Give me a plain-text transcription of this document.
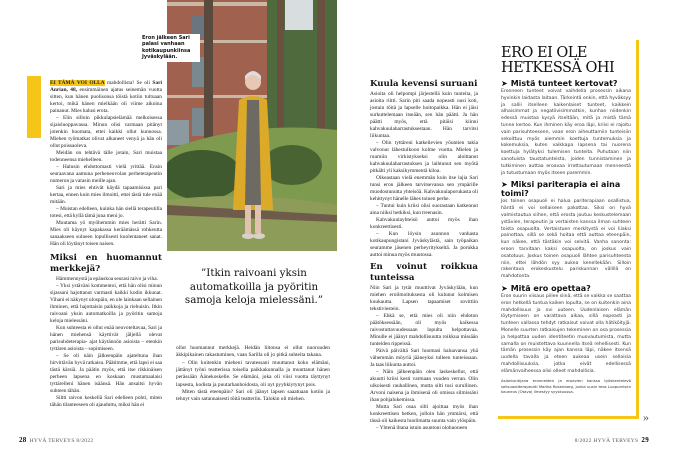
EI TÄMÄ VOI OLLA mahdollista! Se oli Sari Anrian, 48, ensimmäinen ajatus seinemän vuotta sitten, kun hänen puolisonsa töistä kotiin tultuaan kertoi, mikä hänen mielkään oli viime aikoina painanut. Mies halusi erota.

– Elin silloin pikkulapsielämää melkoisessa sijaisluoppavassa. Minun olisi varmaan pitänyt jotenkin huomata, ettei kaikki ollut kunnossa. Miehen työmatkat olivat alkaneet venyä ja hän oli ollut poissaoleva.

Meidän on tehtävä tälle jotain, Sari muistaa todenneensa miehelleen.

– Halusin ehdottomasti vielä yrittää. Ensin seuraavana aamuna perheneuvolan perheterapeutin numeron ja varasin meille ajan.

Sari ja mies ehtivät käydä tapaamisissa pari kertaa, ennen kuin mies ilmoitti, ettei tästä tule enää mitään.

– Muistan edelleen, kuinka hän siellä terapeutilla totesi, että kyllä tämä juna meni jo.

Muutama yö myöhemmin mies herätti Sarin. Mies oli käynyt kapakassa keräämässä rohkeutta sanaakseen sulneen lopullisesti kuolentaneet sanat. Hän oli löytänyt toisen naisen.

Miksi en huomannut merkkejä?

Hämmennystä ja epäuskoa seurasi raivo ja viha.

– Yksi ystäväni kommentoi, että hän olisi minun sijassani hajottanut varmasti kaikki kodin ikkunat. Vihani ei näkynyt ulospäin, en ole lainkaan sellainen ihminen, että hajottaisin paikkoja ja riehuisin. Itkin raivoani yksin automatkoilla ja pyöritin samoja kelojа mielessäni.

Kun suhteesta ei ollut enää neuvoteltavaa, Sari ja hänen miehensä käyttivät jäljellä olevat parisuhdeterapia- ajat käytännön asioista – etenkin tyttären asioista – sopimiseen.

– Se oli näin jälkeenpäin ajateltuna ihan hirvittävän hyvä ratkaisu. Päätimme, että lapsi ei saa tästä kärsiä. Ja päätin myös, että itse rikkinäisen perheen lapsena en koskaan mustamaalaisi tyttärelleni hänen isäänsä. Hän ansaitsi hyvän suhteen tähän.

Siltti raivon keskellä Sari edelleen pohti, miten tähän tilanteeseen oli ajauduttu, miksi hän ei

Eron jälkeen Sari palasi vanhaan kotikaupunkiinsa Jyväskylään.
”Itkin raivoani yksin automatkoilla ja pyöritin samoja keloja mielessäni.”

ollut huomannut merkkejä. Heidän liitonsa ei ollut nuoruuden äkkipikainen rakastuminen, vaan Sarilla oli jo pitkä suhteita takana.

– Olin kuitenkin mieheni tavatessani muuttanut koko elämäni, jättänyt työni teatterissa toisella paikkakunnalla ja muuttanut hänen perässään Äänekoskelle. Se elämäni, joka oli viisi vuotta täyttynyt lapsesta, kodista ja puutarhanhoidosta, oli nyt pyyhkiytynyt pois.

Miten tästä eteenpäin? Sari oli jäänyt lapsen saaatuaan kotiin ja tehnyt vain satunnaisesti töitä teatteriin. Talokin oli miehen.

28 HYVÄ TERVEYS 8/2022
Kuula kevensi suruani

Asioita oli helpompi järjestellä kuin tunteita, ja asioita riitti. Sarin piti saada nopeasti uusi koti, jostain töitä ja lapselle hoitopaikka. Hän ei jäisi surkuttelemaan itseään, sen hän päätti. Ja hän päätti myös, että pitäisi kiinni kahvakuulaharrastuksestaan. Hän tarvitsi liikuntaa.

– Olin tyttäreni katkeilevien yöuntien takia valvonut lähestulkoon kolme vuotta. Mielen ja ruumiin virkistykseksi olin aloittanut kahvakuulaharrastuksen ja laihtunut sen myötä pitkälti yli kaksikymmentä kiloa.

Oikeastaan vielä enemmän kuin itse lajia Sari tunsi eron jälkeen tarvitsevansa sen ympärille muodostunutta yhteisöä. Kahvakuulaporukasta oli kehittynyt hänelle lähes toinen perhe.

– Tuntui kuin kriisi olisi suorastaan katkennut aina niiksi hetkiksi, kun treenasin.

Kahvakuulayhteisö auttoi myös ihan konkreettisesti.

– Kun löysin asunnon vanhasta kotikaupungistani Jyväskylästä, sain työpaikan seuramme jäsenen perheyritykseltä. Ja porukka auttoi minua myös muutossa.

En voinut roikkua tunteissa

Niin Sari ja tytär muuttivat Jyväskylään, kun miehen erоilmoituksesta oli kulunut kolmisen kuukautta. Lapsen tapaamiset sovittiin tekstiviestein.

– Ehkä se, että mies oli niin ehdoton päätöksessään, oli myös kaikessa raivostuttavuudessaan lopulta helpottavaa. Minulle ei jäänyt mahdollisuutta roikkua missään tunteiden rippeissä.

Päivä päivältä Sari huomasi haluavansa yhä vähemmän möyriä jääneyksi tulleen tunteissaan. Ja taas liikunta auttoi.

– Näin jälkeenpäin olen laskeskellut, että akuutti kriisi kesti varmaan vuoden verran. Olin ulkoisesti rauhallinen, mutta silti tosi surullinen. Arvoni naisena ja ihmisenä oli omissa silmissäni ihan pohjalukemissa.

Mutta Sari osaa silti ajoittaa myös ihan konkreettisen hetken, jolloin hän ymmärsi, että tässä oli kaikesta huolimatta suunta vain ylöspäin.

– Yhtenä iltana istuin asuntoni olohuoneen

ERO EI OLE HETKESSÄ OHI
➤ Mistä tunteet kertovat?

Eronneen tunteet voivat vaihdella prosessin aikana hyvinkin laidasta laitaan. Tärkeintä onkin, että hyväksyy ja sallii itselleen kaikenlaiset tunteet, kaikkein alhaisimmat ja negatiivisimmatkin, kunhan niidenkin edessä muistaa kysyä itseltään, mitä ja mistä tämä tunne kertoo. Kun ihminen käy eroa läpi, kriisi ei rajoitu vain parisuhteeseen, vaan eron aiheuttamiin tunteisiin sekoittuu myös aiemmin koettuja tuntemuksia ja kokemuksia, kuten vaikkapa lapsena tai nuorena koettuja hylätyksi tulemisen tunteita. Puhutaan niin sanotuista taustatunteista, joiden tunnistaminen ja tutkiminen auttaa eroavaa irrottautumaan menneestä ja tutustumaan myös itseen paremmin.

➤ Miksi pariterapia ei aina toimi?

Jos toinen osapuoli ei halua pariterapiaan osallistua, häntä ei voi sellaiseen pakottaa. Siksi on hyvä valmistautua siihen, että erosta joutuu keskustelemaan ystävien, terapeutin ja vertaisten kanssa ilman suhteen toista osapuolta. Vertaistuen merkitystä ei voi liiaksi painottaa, sillä se sekä hoitaa että auttaa eteenpäin, kun näkee, että tästäkin voi selvitä. Vanha sanonta: eroon tarvitaan kaksi osapuolta, on joskus vain osatotuus. Joskus toinen osapuoli lähtee parisuhteesta niin, ettei lähdön syy aukea kenellekään. Silloin rakentava erokeskustelu pariskunnan välillä on mahdotonta.

➤ Mitä ero opettaa?

Eron suurin viisaus piilee siinä, että se vaikka se saattaa eron hetkellä tuntua kaiken lopulta, se on kuitenkin aina mahdollisuus ja ovi uuteen. Uudenlaisen elämän löytymiseen on varattava aikaa, sillä nopeasti ja tunteen vallassa tehdyt ratkaisut voivat olla hätiköityjä. Monelle suurten ratkaisujen tekeminen on osa prosessia ja helpottaa uuden identiteetin muovautumista, mutta samalla on muistettava kuunnella itseä rehellisesti. Kun tämän prosessin käy ajan kanssa läpi, näkee itsensä uudella tavalla ja eteen aukeaa usein sellaisia mahdollisuuksia, jotka eivät edellisessä elämänvaiheessa olisi olleet mahdollisia.

Asiantuntijana eronneiden ja eroavien kanssa työskentelevä seksuaaliterapeutti Marika Rosenborg, jonka uusin teos Luopumisen kauneus (Otava) ilmestyy syyskuussa.

»
8/2022 HYVÄ TERVEYS 29
